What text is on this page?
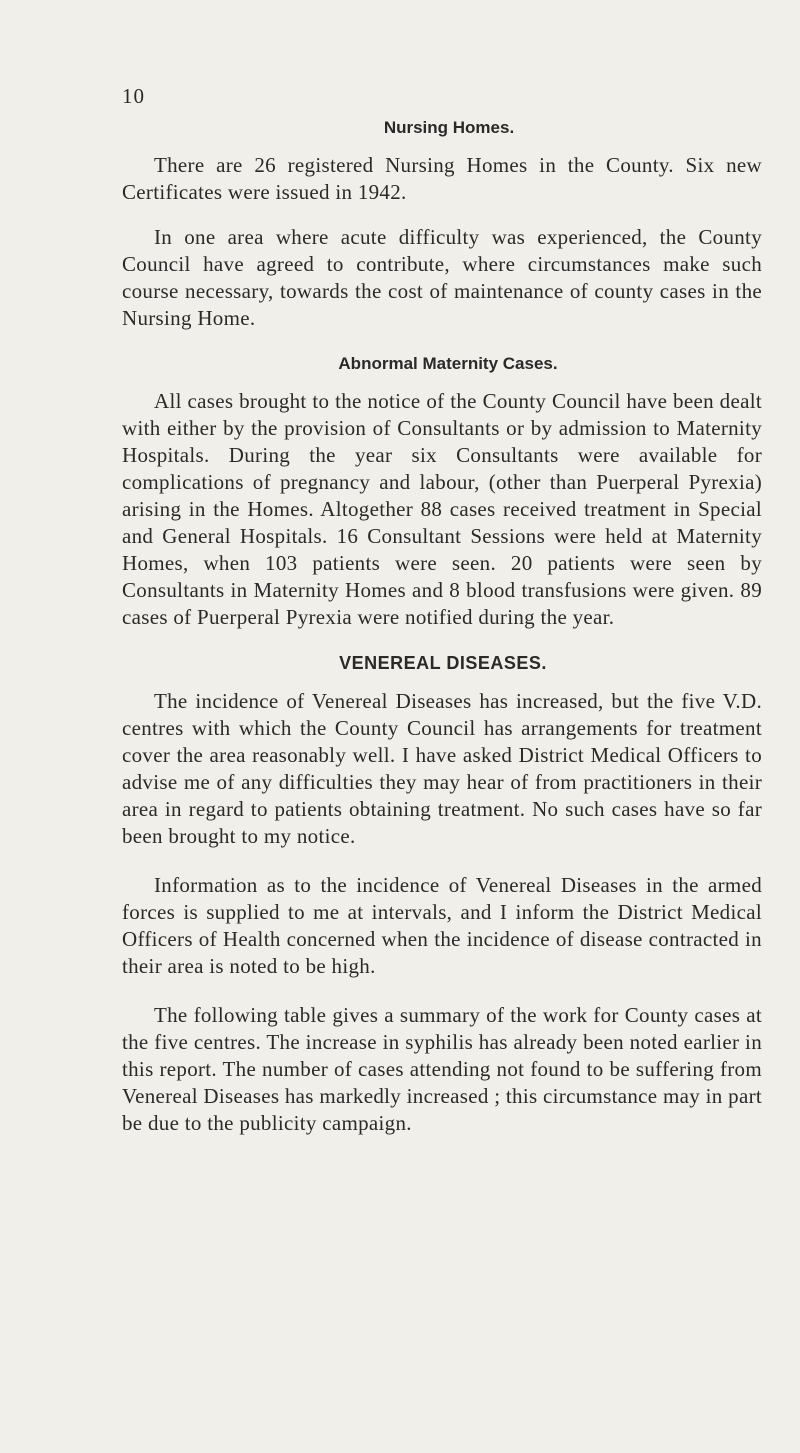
10
Nursing Homes.

There are 26 registered Nursing Homes in the County. Six new Certificates were issued in 1942.

In one area where acute difficulty was experienced, the County Council have agreed to contribute, where circumstances make such course necessary, towards the cost of maintenance of county cases in the Nursing Home.

Abnormal Maternity Cases.

All cases brought to the notice of the County Council have been dealt with either by the provision of Consultants or by admission to Maternity Hospitals. During the year six Consultants were available for complications of pregnancy and labour, (other than Puerperal Pyrexia) arising in the Homes. Altogether 88 cases received treatment in Special and General Hospitals. 16 Consultant Sessions were held at Maternity Homes, when 103 patients were seen. 20 patients were seen by Consultants in Maternity Homes and 8 blood transfusions were given. 89 cases of Puerperal Pyrexia were notified during the year.

VENEREAL DISEASES.

The incidence of Venereal Diseases has increased, but the five V.D. centres with which the County Council has arrangements for treatment cover the area reasonably well. I have asked District Medical Officers to advise me of any difficulties they may hear of from practitioners in their area in regard to patients obtaining treatment. No such cases have so far been brought to my notice.

Information as to the incidence of Venereal Diseases in the armed forces is supplied to me at intervals, and I inform the District Medical Officers of Health concerned when the incidence of disease contracted in their area is noted to be high.

The following table gives a summary of the work for County cases at the five centres. The increase in syphilis has already been noted earlier in this report. The number of cases attending not found to be suffering from Venereal Diseases has markedly increased ; this circumstance may in part be due to the publicity campaign.
